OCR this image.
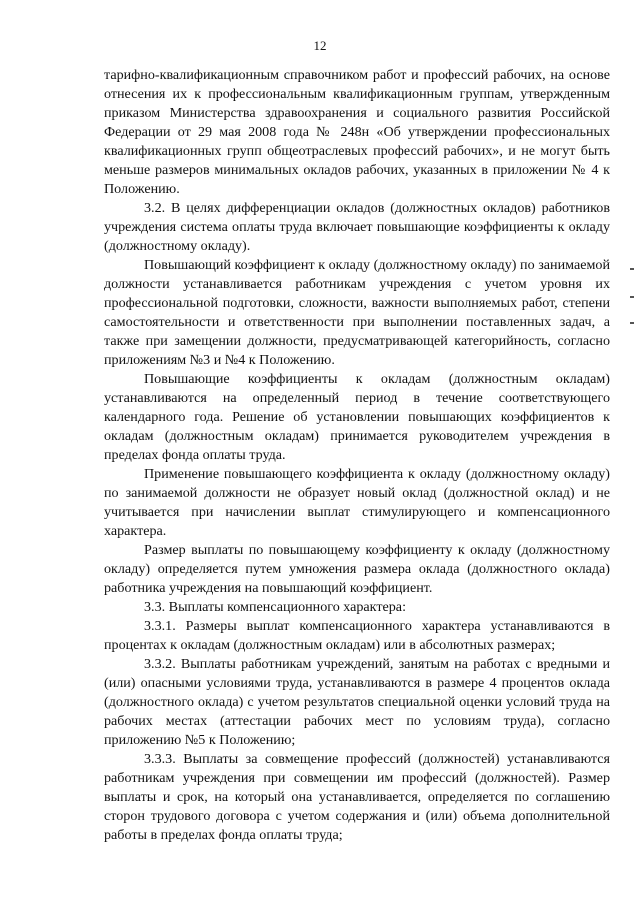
12

тарифно-квалификационным справочником работ и профессий рабочих, на основе отнесения их к профессиональным квалификационным группам, утвержденным приказом Министерства здравоохранения и социального развития Российской Федерации от 29 мая 2008 года № 248н «Об утверждении профессиональных квалификационных групп общеотраслевых профессий рабочих», и не могут быть меньше размеров минимальных окладов рабочих, указанных в приложении № 4 к Положению.

3.2. В целях дифференциации окладов (должностных окладов) работников учреждения система оплаты труда включает повышающие коэффициенты к окладу (должностному окладу).

Повышающий коэффициент к окладу (должностному окладу) по занимаемой должности устанавливается работникам учреждения с учетом уровня их профессиональной подготовки, сложности, важности выполняемых работ, степени самостоятельности и ответственности при выполнении поставленных задач, а также при замещении должности, предусматривающей категорийность, согласно приложениям №3 и №4 к Положению.

Повышающие коэффициенты к окладам (должностным окладам) устанавливаются на определенный период в течение соответствующего календарного года. Решение об установлении повышающих коэффициентов к окладам (должностным окладам) принимается руководителем учреждения в пределах фонда оплаты труда.

Применение повышающего коэффициента к окладу (должностному окладу) по занимаемой должности не образует новый оклад (должностной оклад) и не учитывается при начислении выплат стимулирующего и компенсационного характера.

Размер выплаты по повышающему коэффициенту к окладу (должностному окладу) определяется путем умножения размера оклада (должностного оклада) работника учреждения на повышающий коэффициент.

3.3. Выплаты компенсационного характера:

3.3.1. Размеры выплат компенсационного характера устанавливаются в процентах к окладам (должностным окладам) или в абсолютных размерах;

3.3.2. Выплаты работникам учреждений, занятым на работах с вредными и (или) опасными условиями труда, устанавливаются в размере 4 процентов оклада (должностного оклада) с учетом результатов специальной оценки условий труда на рабочих местах (аттестации рабочих мест по условиям труда), согласно приложению №5 к Положению;

3.3.3. Выплаты за совмещение профессий (должностей) устанавливаются работникам учреждения при совмещении им профессий (должностей). Размер выплаты и срок, на который она устанавливается, определяется по соглашению сторон трудового договора с учетом содержания и (или) объема дополнительной работы в пределах фонда оплаты труда;
